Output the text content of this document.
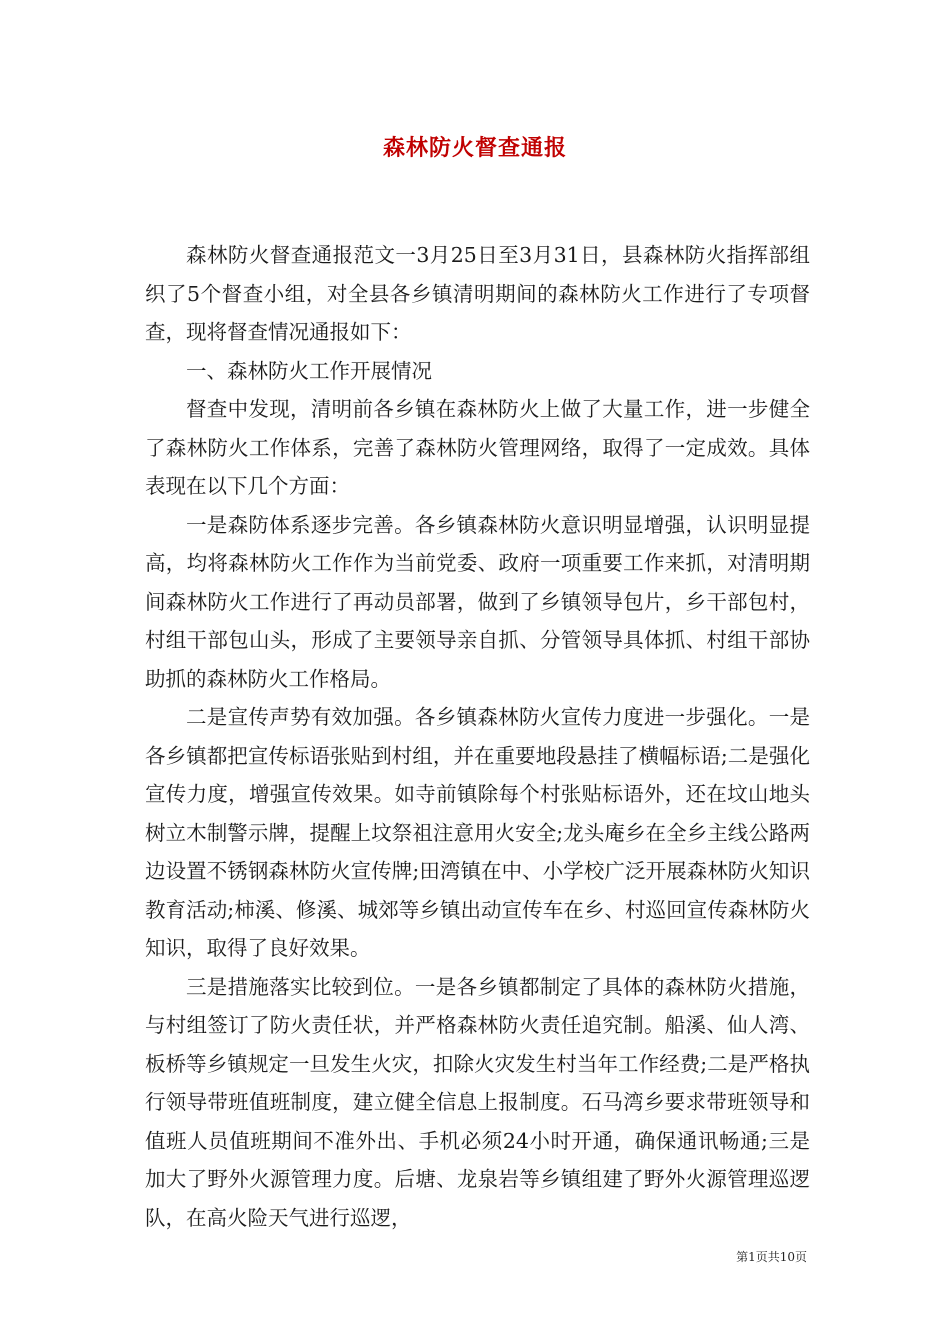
森林防火督查通报

森林防火督查通报范文一3月25日至3月31日，县森林防火指挥部组织了5个督查小组，对全县各乡镇清明期间的森林防火工作进行了专项督查，现将督查情况通报如下：

一、森林防火工作开展情况

督查中发现，清明前各乡镇在森林防火上做了大量工作，进一步健全了森林防火工作体系，完善了森林防火管理网络，取得了一定成效。具体表现在以下几个方面：

一是森防体系逐步完善。各乡镇森林防火意识明显增强，认识明显提高，均将森林防火工作作为当前党委、政府一项重要工作来抓，对清明期间森林防火工作进行了再动员部署，做到了乡镇领导包片，乡干部包村，村组干部包山头，形成了主要领导亲自抓、分管领导具体抓、村组干部协助抓的森林防火工作格局。

二是宣传声势有效加强。各乡镇森林防火宣传力度进一步强化。一是各乡镇都把宣传标语张贴到村组，并在重要地段悬挂了横幅标语;二是强化宣传力度，增强宣传效果。如寺前镇除每个村张贴标语外，还在坟山地头树立木制警示牌，提醒上坟祭祖注意用火安全;龙头庵乡在全乡主线公路两边设置不锈钢森林防火宣传牌;田湾镇在中、小学校广泛开展森林防火知识教育活动;柿溪、修溪、城郊等乡镇出动宣传车在乡、村巡回宣传森林防火知识，取得了良好效果。

三是措施落实比较到位。一是各乡镇都制定了具体的森林防火措施，与村组签订了防火责任状，并严格森林防火责任追究制。船溪、仙人湾、板桥等乡镇规定一旦发生火灾，扣除火灾发生村当年工作经费;二是严格执行领导带班值班制度，建立健全信息上报制度。石马湾乡要求带班领导和值班人员值班期间不准外出、手机必须24小时开通，确保通讯畅通;三是加大了野外火源管理力度。后塘、龙泉岩等乡镇组建了野外火源管理巡逻队，在高火险天气进行巡逻，

第1页共10页
